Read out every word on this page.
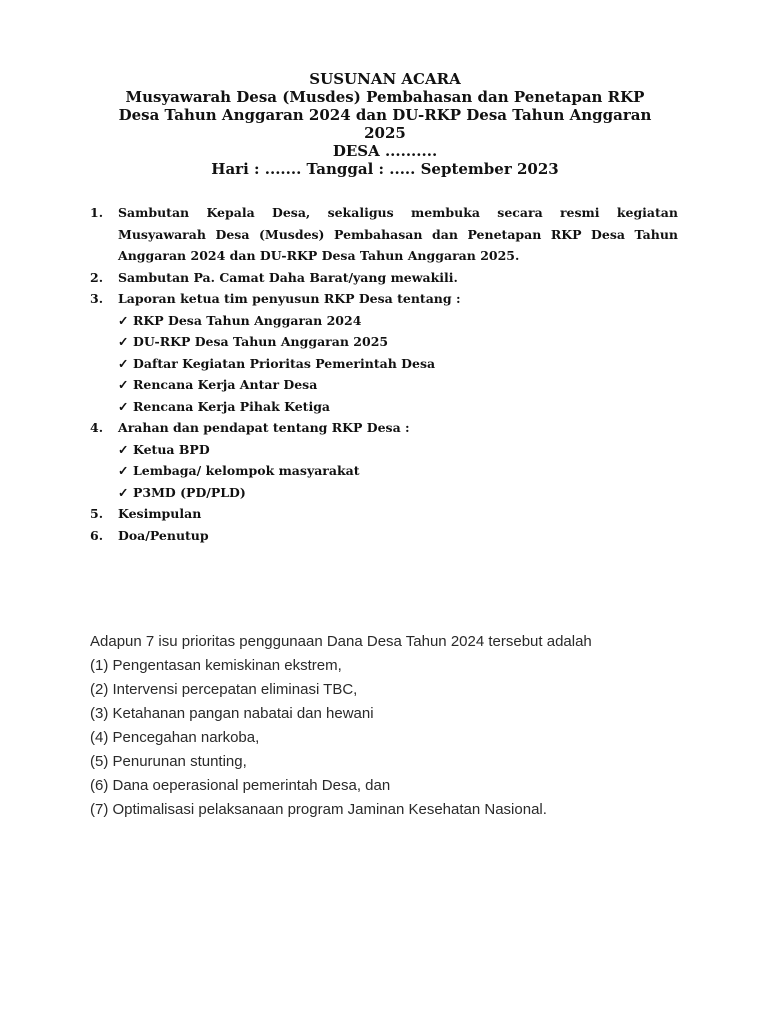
SUSUNAN ACARA
Musyawarah Desa (Musdes) Pembahasan dan Penetapan RKP
Desa Tahun Anggaran 2024 dan DU-RKP Desa Tahun Anggaran
2025
DESA ..........
Hari : ....... Tanggal : ..... September 2023
1.	Sambutan Kepala Desa, sekaligus membuka secara resmi kegiatan Musyawarah Desa (Musdes) Pembahasan dan Penetapan RKP Desa Tahun Anggaran 2024 dan DU-RKP Desa Tahun Anggaran 2025.
2.	Sambutan Pa. Camat Daha Barat/yang mewakili.
3.	Laporan ketua tim penyusun RKP Desa tentang :
✓ RKP Desa Tahun Anggaran 2024
✓ DU-RKP Desa Tahun Anggaran 2025
✓ Daftar Kegiatan Prioritas Pemerintah Desa
✓ Rencana Kerja Antar Desa
✓ Rencana Kerja Pihak Ketiga
4.	Arahan dan pendapat tentang RKP Desa :
✓ Ketua BPD
✓ Lembaga/ kelompok masyarakat
✓ P3MD (PD/PLD)
5.	Kesimpulan
6.	Doa/Penutup
Adapun 7 isu prioritas penggunaan Dana Desa Tahun 2024 tersebut adalah
(1) Pengentasan kemiskinan ekstrem,
(2) Intervensi percepatan eliminasi TBC,
(3) Ketahanan pangan nabatai dan hewani
(4) Pencegahan narkoba,
(5) Penurunan stunting,
(6) Dana oeperasional pemerintah Desa, dan
(7) Optimalisasi pelaksanaan program Jaminan Kesehatan Nasional.
